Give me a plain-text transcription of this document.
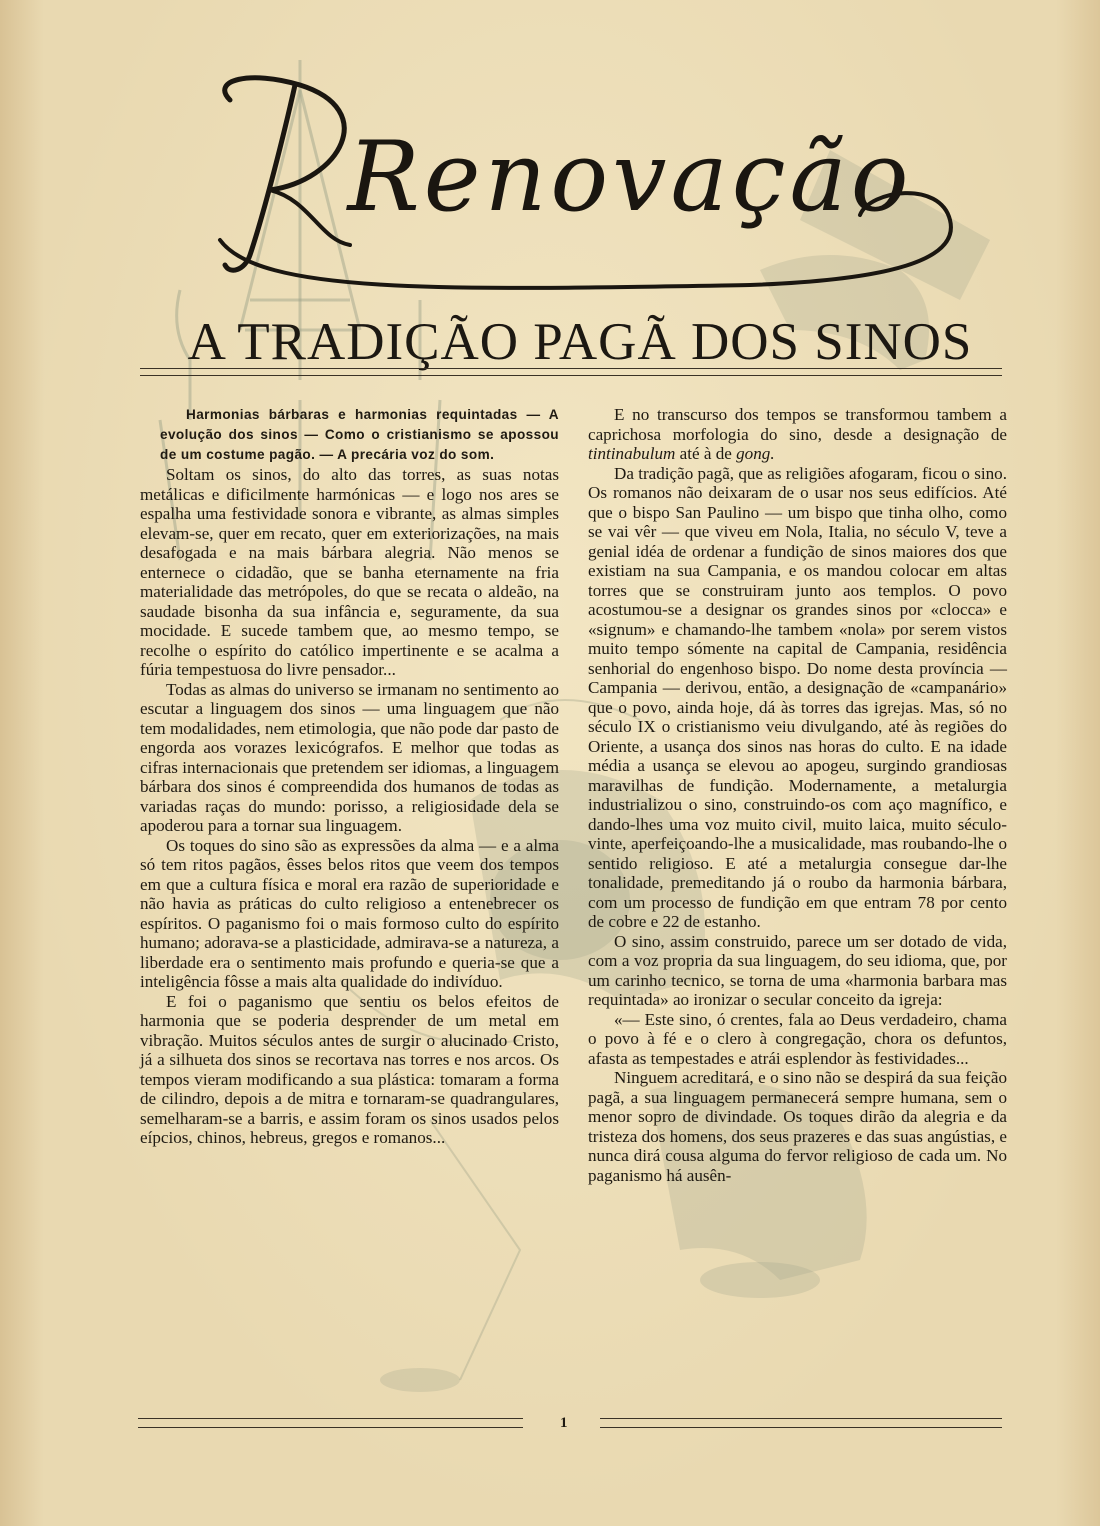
Renovação
A TRADIÇÃO PAGÃ DOS SINOS

Harmonias bárbaras e harmonias requintadas — A evolução dos sinos — Como o cristianismo se apossou de um costume pagão. — A precária voz do som.

Soltam os sinos, do alto das torres, as suas notas metálicas e dificilmente harmónicas — e logo nos ares se espalha uma festividade sonora e vibrante, as almas simples elevam-se, quer em recato, quer em exteriorizações, na mais desafogada e na mais bárbara alegria. Não menos se enternece o cidadão, que se banha eternamente na fria materialidade das metrópoles, do que se recata o aldeão, na saudade bisonha da sua infância e, seguramente, da sua mocidade. E sucede tambem que, ao mesmo tempo, se recolhe o espírito do católico impertinente e se acalma a fúria tempestuosa do livre pensador...

Todas as almas do universo se irmanam no sentimento ao escutar a linguagem dos sinos — uma linguagem que não tem modalidades, nem etimologia, que não pode dar pasto de engorda aos vorazes lexicógrafos. E melhor que todas as cifras internacionais que pretendem ser idiomas, a linguagem bárbara dos sinos é compreendida dos humanos de todas as variadas raças do mundo: porisso, a religiosidade dela se apoderou para a tornar sua linguagem.

Os toques do sino são as expressões da alma — e a alma só tem ritos pagãos, êsses belos ritos que veem dos tempos em que a cultura física e moral era razão de superioridade e não havia as práticas do culto religioso a entenebrecer os espíritos. O paganismo foi o mais formoso culto do espírito humano; adorava-se a plasticidade, admirava-se a natureza, a liberdade era o sentimento mais profundo e queria-se que a inteligência fôsse a mais alta qualidade do indivíduo.

E foi o paganismo que sentiu os belos efeitos de harmonia que se poderia desprender de um metal em vibração. Muitos séculos antes de surgir o alucinado Cristo, já a silhueta dos sinos se recortava nas torres e nos arcos. Os tempos vieram modificando a sua plástica: tomaram a forma de cilindro, depois a de mitra e tornaram-se quadrangulares, semelharam-se a barris, e assim foram os sinos usados pelos eípcios, chinos, hebreus, gregos e romanos...

E no transcurso dos tempos se transformou tambem a caprichosa morfologia do sino, desde a designação de tintinabulum até à de gong.

Da tradição pagã, que as religiões afogaram, ficou o sino. Os romanos não deixaram de o usar nos seus edifícios. Até que o bispo San Paulino — um bispo que tinha olho, como se vai vêr — que viveu em Nola, Italia, no século V, teve a genial idéa de ordenar a fundição de sinos maiores dos que existiam na sua Campania, e os mandou colocar em altas torres que se construiram junto aos templos. O povo acostumou-se a designar os grandes sinos por «clocca» e «signum» e chamando-lhe tambem «nola» por serem vistos muito tempo sómente na capital de Campania, residência senhorial do engenhoso bispo. Do nome desta província — Campania — derivou, então, a designação de «campanário» que o povo, ainda hoje, dá às torres das igrejas. Mas, só no século IX o cristianismo veiu divulgando, até às regiões do Oriente, a usança dos sinos nas horas do culto. E na idade média a usança se elevou ao apogeu, surgindo grandiosas maravilhas de fundição. Modernamente, a metalurgia industrializou o sino, construindo-os com aço magnífico, e dando-lhes uma voz muito civil, muito laica, muito século-vinte, aperfeiçoando-lhe a musicalidade, mas roubando-lhe o sentido religioso. E até a metalurgia consegue dar-lhe tonalidade, premeditando já o roubo da harmonia bárbara, com um processo de fundição em que entram 78 por cento de cobre e 22 de estanho.

O sino, assim construido, parece um ser dotado de vida, com a voz propria da sua linguagem, do seu idioma, que, por um carinho tecnico, se torna de uma «harmonia barbara mas requintada» ao ironizar o secular conceito da igreja:

«— Este sino, ó crentes, fala ao Deus verdadeiro, chama o povo à fé e o clero à congregação, chora os defuntos, afasta as tempestades e atrái esplendor às festividades...

Ninguem acreditará, e o sino não se despirá da sua feição pagã, a sua linguagem permanecerá sempre humana, sem o menor sopro de divindade. Os toques dirão da alegria e da tristeza dos homens, dos seus prazeres e das suas angústias, e nunca dirá cousa alguma do fervor religioso de cada um. No paganismo há ausên-

1
